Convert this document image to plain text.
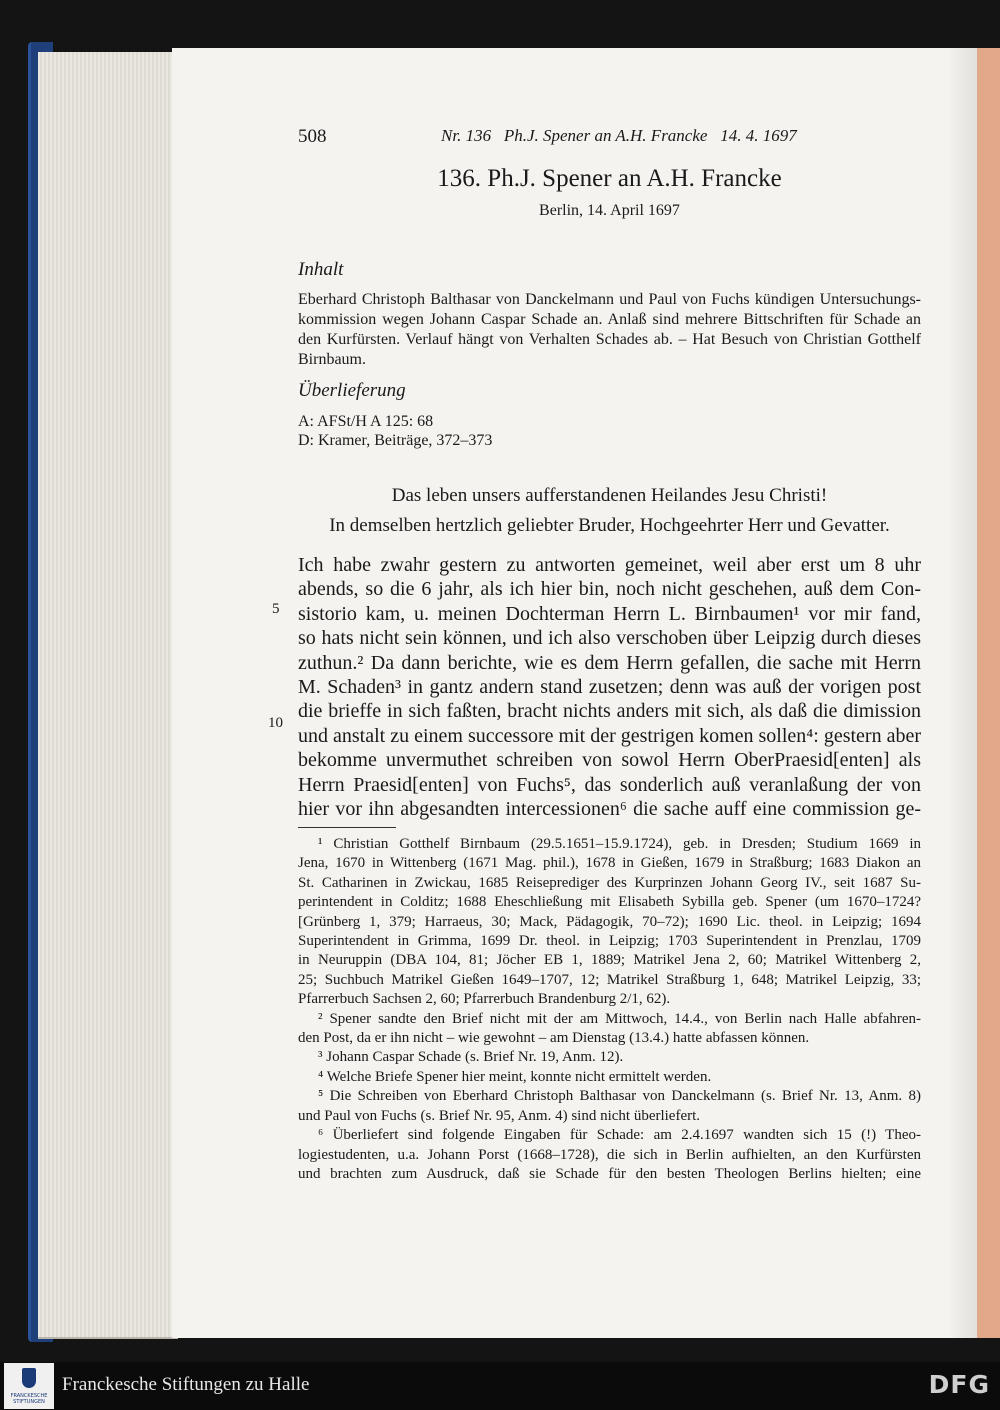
508	Nr. 136   Ph.J. Spener an A.H. Francke   14. 4. 1697
136. Ph.J. Spener an A.H. Francke
Berlin, 14. April 1697
Inhalt
Eberhard Christoph Balthasar von Danckelmann und Paul von Fuchs kündigen Untersuchungs-
kommission wegen Johann Caspar Schade an. Anlaß sind mehrere Bittschriften für Schade an
den Kurfürsten. Verlauf hängt von Verhalten Schades ab. – Hat Besuch von Christian Gotthelf
Birnbaum.
Überlieferung
A: AFSt/H A 125: 68
D: Kramer, Beiträge, 372–373
Das leben unsers aufferstandenen Heilandes Jesu Christi!
In demselben hertzlich geliebter Bruder, Hochgeehrter Herr und Gevatter.
Ich habe zwahr gestern zu antworten gemeinet, weil aber erst um 8 uhr
abends, so die 6 jahr, als ich hier bin, noch nicht geschehen, auß dem Con-
sistorio kam, u. meinen Dochterman Herrn L. Birnbaumen¹ vor mir fand,
so hats nicht sein können, und ich also verschoben über Leipzig durch dieses
zuthun.² Da dann berichte, wie es dem Herrn gefallen, die sache mit Herrn
M. Schaden³ in gantz andern stand zusetzen; denn was auß der vorigen post
die brieffe in sich faßten, bracht nichts anders mit sich, als daß die dimission
und anstalt zu einem successore mit der gestrigen komen sollen⁴: gestern aber
bekomme unvermuthet schreiben von sowol Herrn OberPraesid[enten] als
Herrn Praesid[enten] von Fuchs⁵, das sonderlich auß veranlaßung der von
hier vor ihn abgesandten intercessionen⁶ die sache auff eine commission ge-
5
10
¹ Christian Gotthelf Birnbaum (29.5.1651–15.9.1724), geb. in Dresden; Studium 1669 in
Jena, 1670 in Wittenberg (1671 Mag. phil.), 1678 in Gießen, 1679 in Straßburg; 1683 Diakon an
St. Catharinen in Zwickau, 1685 Reiseprediger des Kurprinzen Johann Georg IV., seit 1687 Su-
perintendent in Colditz; 1688 Eheschließung mit Elisabeth Sybilla geb. Spener (um 1670–1724?
[Grünberg 1, 379; Harraeus, 30; Mack, Pädagogik, 70–72); 1690 Lic. theol. in Leipzig; 1694
Superintendent in Grimma, 1699 Dr. theol. in Leipzig; 1703 Superintendent in Prenzlau, 1709
in Neuruppin (DBA 104, 81; Jöcher EB 1, 1889; Matrikel Jena 2, 60; Matrikel Wittenberg 2,
25; Suchbuch Matrikel Gießen 1649–1707, 12; Matrikel Straßburg 1, 648; Matrikel Leipzig, 33;
Pfarrerbuch Sachsen 2, 60; Pfarrerbuch Brandenburg 2/1, 62).
² Spener sandte den Brief nicht mit der am Mittwoch, 14.4., von Berlin nach Halle abfahren-
den Post, da er ihn nicht – wie gewohnt – am Dienstag (13.4.) hatte abfassen können.
³ Johann Caspar Schade (s. Brief Nr. 19, Anm. 12).
⁴ Welche Briefe Spener hier meint, konnte nicht ermittelt werden.
⁵ Die Schreiben von Eberhard Christoph Balthasar von Danckelmann (s. Brief Nr. 13, Anm. 8)
und Paul von Fuchs (s. Brief Nr. 95, Anm. 4) sind nicht überliefert.
⁶ Überliefert sind folgende Eingaben für Schade: am 2.4.1697 wandten sich 15 (!) Theo-
logiestudenten, u.a. Johann Porst (1668–1728), die sich in Berlin aufhielten, an den Kurfürsten
und brachten zum Ausdruck, daß sie Schade für den besten Theologen Berlins hielten; eine
FRANCKESCHE STIFTUNGEN
Franckesche Stiftungen zu Halle	DFG
